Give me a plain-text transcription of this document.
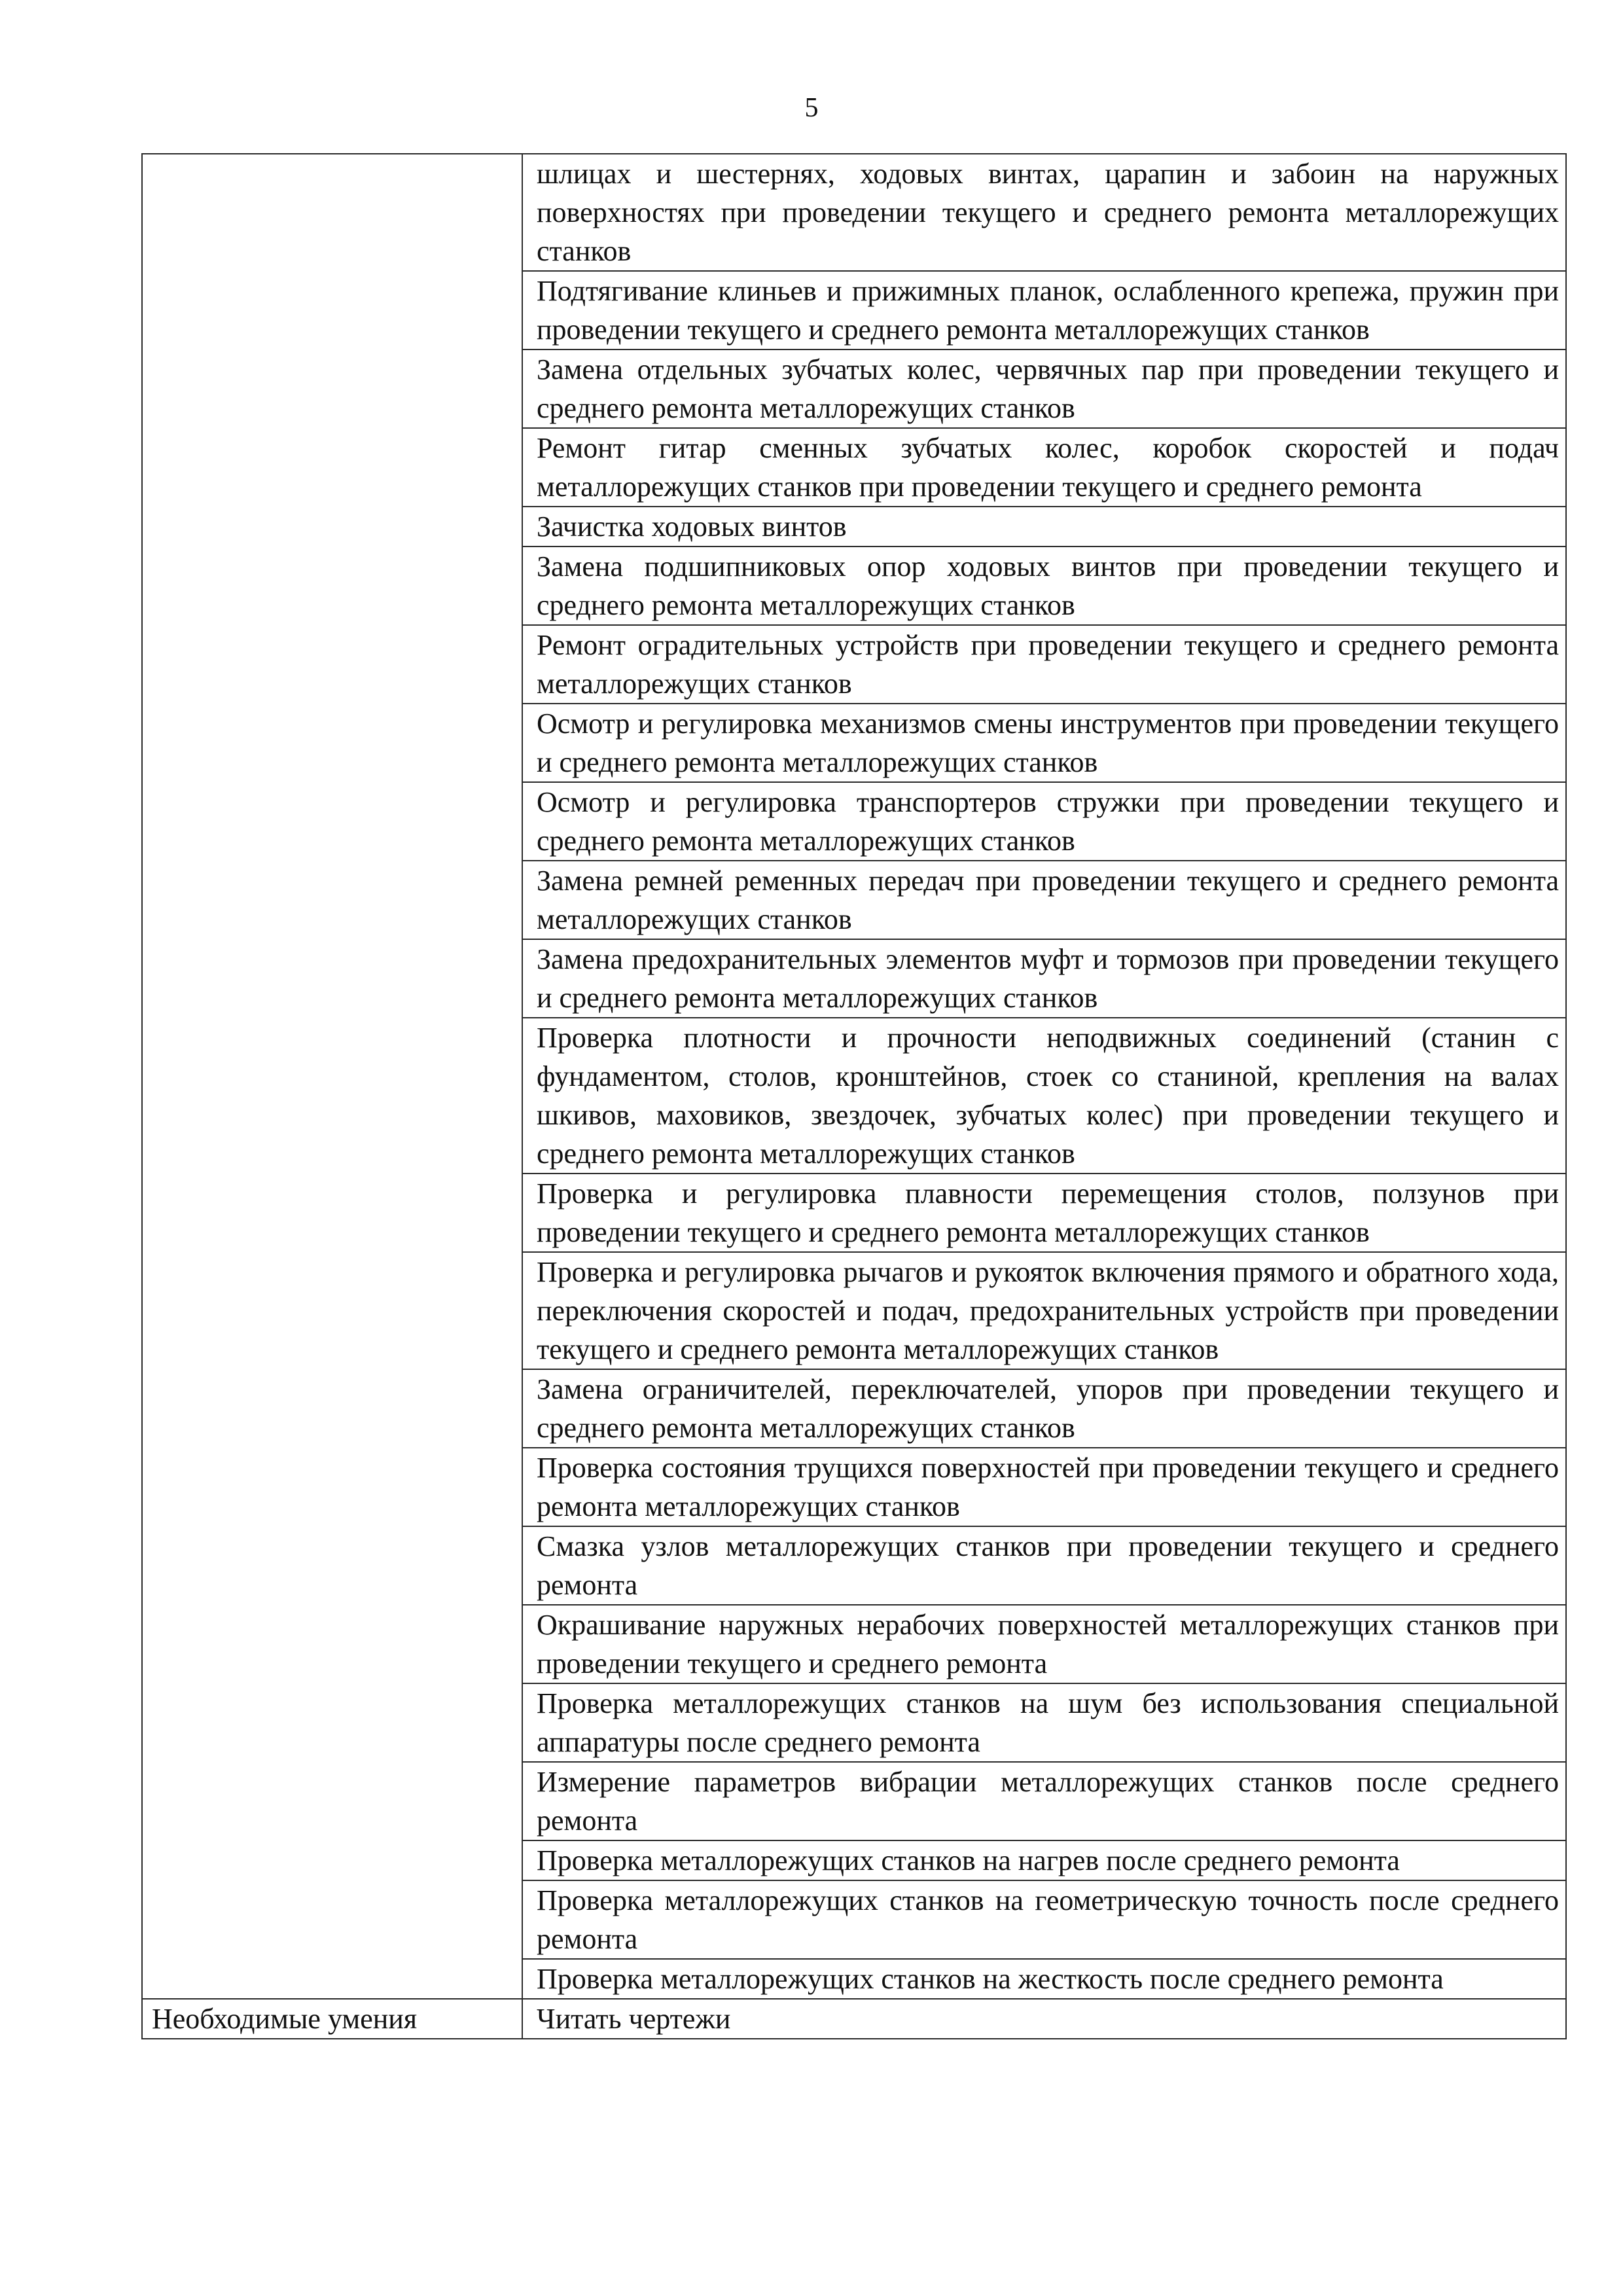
5

	шлицах и шестернях, ходовых винтах, царапин и забоин на наружных поверхностях при проведении текущего и среднего ремонта металлорежущих станков

	Подтягивание клиньев и прижимных планок, ослабленного крепежа, пружин при проведении текущего и среднего ремонта металлорежущих станков

	Замена отдельных зубчатых колес, червячных пар при проведении текущего и среднего ремонта металлорежущих станков

	Ремонт гитар сменных зубчатых колес, коробок скоростей и подач металлорежущих станков при проведении текущего и среднего ремонта

	Зачистка ходовых винтов

	Замена подшипниковых опор ходовых винтов при проведении текущего и среднего ремонта металлорежущих станков

	Ремонт оградительных устройств при проведении текущего и среднего ремонта металлорежущих станков

	Осмотр и регулировка механизмов смены инструментов при проведении текущего и среднего ремонта металлорежущих станков

	Осмотр и регулировка транспортеров стружки при проведении текущего и среднего ремонта металлорежущих станков

	Замена ремней ременных передач при проведении текущего и среднего ремонта металлорежущих станков

	Замена предохранительных элементов муфт и тормозов при проведении текущего и среднего ремонта металлорежущих станков

	Проверка плотности и прочности неподвижных соединений (станин с фундаментом, столов, кронштейнов, стоек со станиной, крепления на валах шкивов, маховиков, звездочек, зубчатых колес) при проведении текущего и среднего ремонта металлорежущих станков

	Проверка и регулировка плавности перемещения столов, ползунов при проведении текущего и среднего ремонта металлорежущих станков

	Проверка и регулировка рычагов и рукояток включения прямого и обратного хода, переключения скоростей и подач, предохранительных устройств при проведении текущего и среднего ремонта металлорежущих станков

	Замена ограничителей, переключателей, упоров при проведении текущего и среднего ремонта металлорежущих станков

	Проверка состояния трущихся поверхностей при проведении текущего и среднего ремонта металлорежущих станков

	Смазка узлов металлорежущих станков при проведении текущего и среднего ремонта

	Окрашивание наружных нерабочих поверхностей металлорежущих станков при проведении текущего и среднего ремонта

	Проверка металлорежущих станков на шум без использования специальной аппаратуры после среднего ремонта

	Измерение параметров вибрации металлорежущих станков после среднего ремонта

	Проверка металлорежущих станков на нагрев после среднего ремонта

	Проверка металлорежущих станков на геометрическую точность после среднего ремонта

	Проверка металлорежущих станков на жесткость после среднего ремонта

Необходимые умения	Читать чертежи
